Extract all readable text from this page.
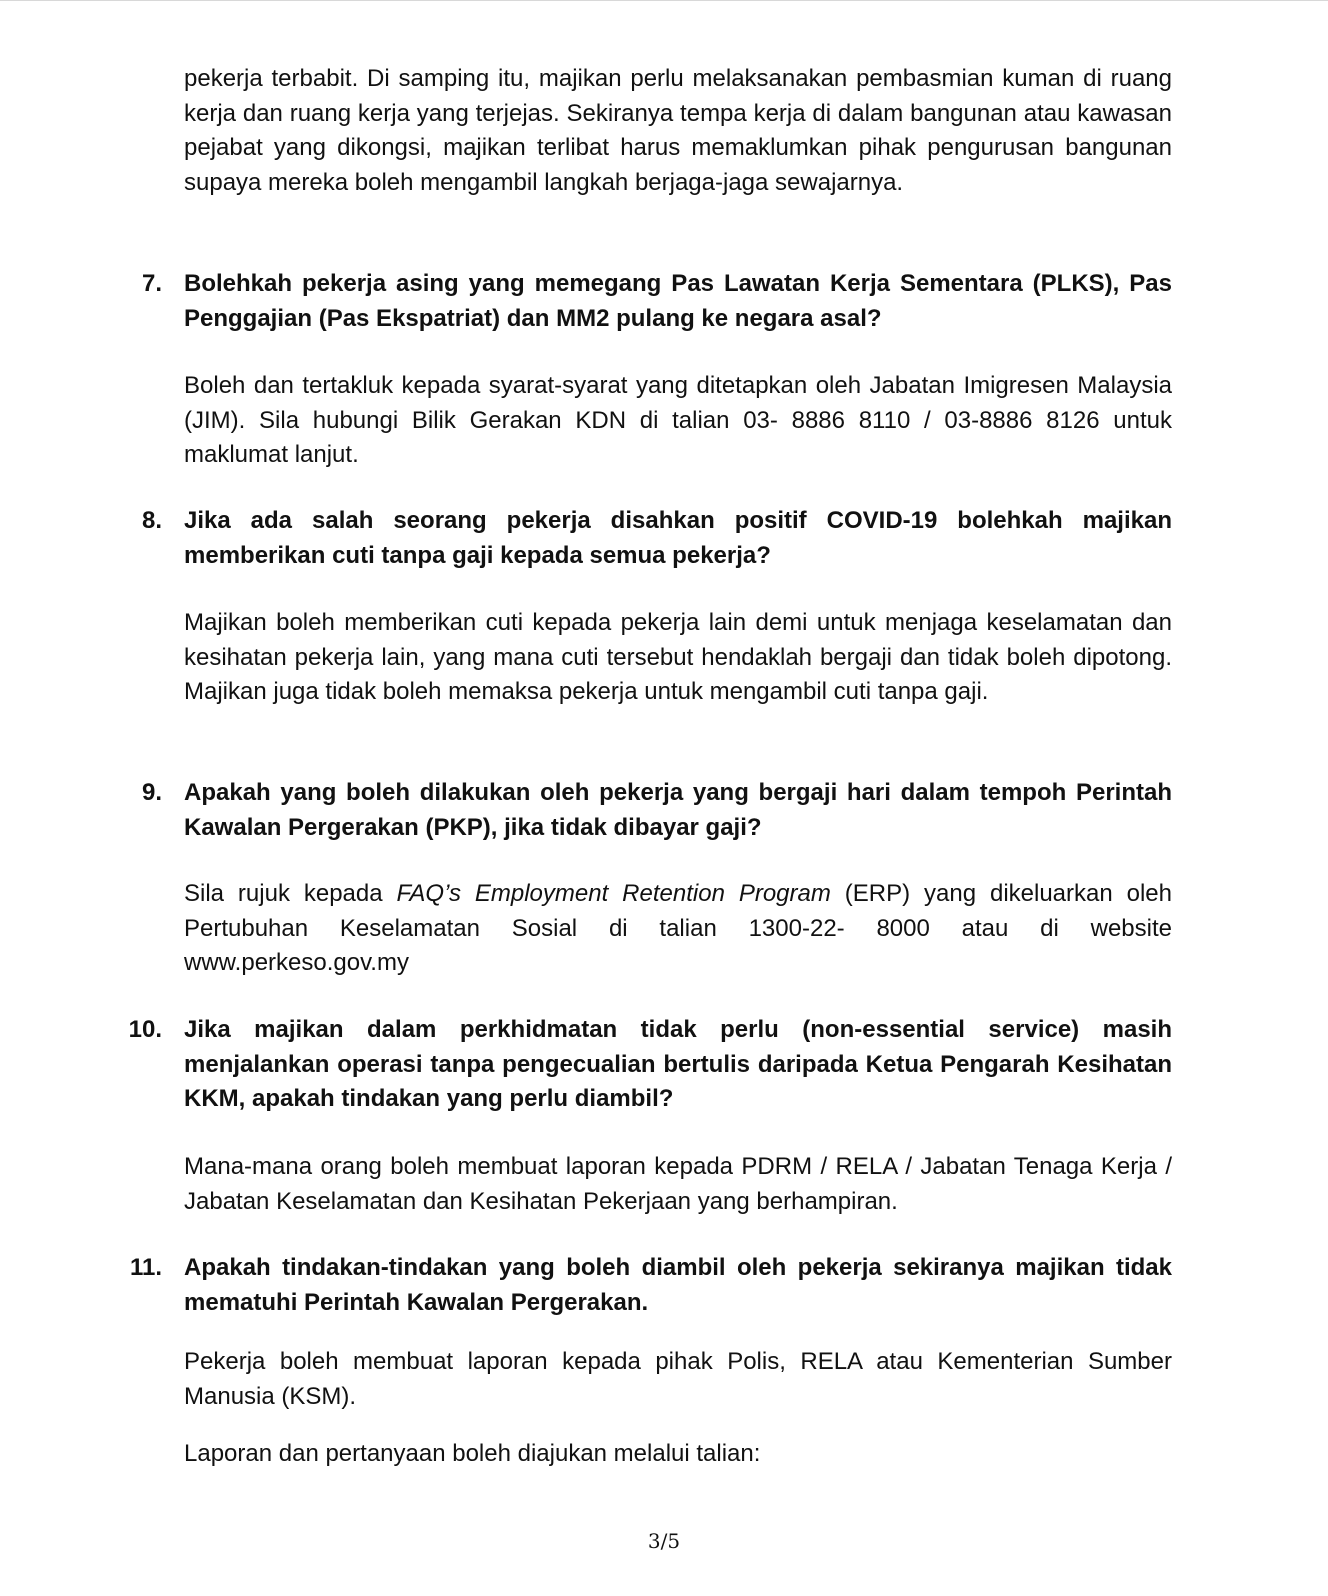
pekerja terbabit. Di samping itu, majikan perlu melaksanakan pembasmian kuman di ruang kerja dan ruang kerja yang terjejas. Sekiranya tempa kerja di dalam bangunan atau kawasan pejabat yang dikongsi, majikan terlibat harus memaklumkan pihak pengurusan bangunan supaya mereka boleh mengambil langkah berjaga-jaga sewajarnya.

7. Bolehkah pekerja asing yang memegang Pas Lawatan Kerja Sementara (PLKS), Pas Penggajian (Pas Ekspatriat) dan MM2 pulang ke negara asal?

Boleh dan tertakluk kepada syarat-syarat yang ditetapkan oleh Jabatan Imigresen Malaysia (JIM). Sila hubungi Bilik Gerakan KDN di talian 03- 8886 8110 / 03-8886 8126 untuk maklumat lanjut.

8. Jika ada salah seorang pekerja disahkan positif COVID-19 bolehkah majikan memberikan cuti tanpa gaji kepada semua pekerja?

Majikan boleh memberikan cuti kepada pekerja lain demi untuk menjaga keselamatan dan kesihatan pekerja lain, yang mana cuti tersebut hendaklah bergaji dan tidak boleh dipotong. Majikan juga tidak boleh memaksa pekerja untuk mengambil cuti tanpa gaji.

9. Apakah yang boleh dilakukan oleh pekerja yang bergaji hari dalam tempoh Perintah Kawalan Pergerakan (PKP), jika tidak dibayar gaji?

Sila rujuk kepada FAQ’s Employment Retention Program (ERP) yang dikeluarkan oleh Pertubuhan Keselamatan Sosial di talian 1300-22- 8000 atau di website www.perkeso.gov.my

10. Jika majikan dalam perkhidmatan tidak perlu (non-essential service) masih menjalankan operasi tanpa pengecualian bertulis daripada Ketua Pengarah Kesihatan KKM, apakah tindakan yang perlu diambil?

Mana-mana orang boleh membuat laporan kepada PDRM / RELA / Jabatan Tenaga Kerja / Jabatan Keselamatan dan Kesihatan Pekerjaan yang berhampiran.

11. Apakah tindakan-tindakan yang boleh diambil oleh pekerja sekiranya majikan tidak mematuhi Perintah Kawalan Pergerakan.

Pekerja boleh membuat laporan kepada pihak Polis, RELA atau Kementerian Sumber Manusia (KSM).

Laporan dan pertanyaan boleh diajukan melalui talian:

3/5
